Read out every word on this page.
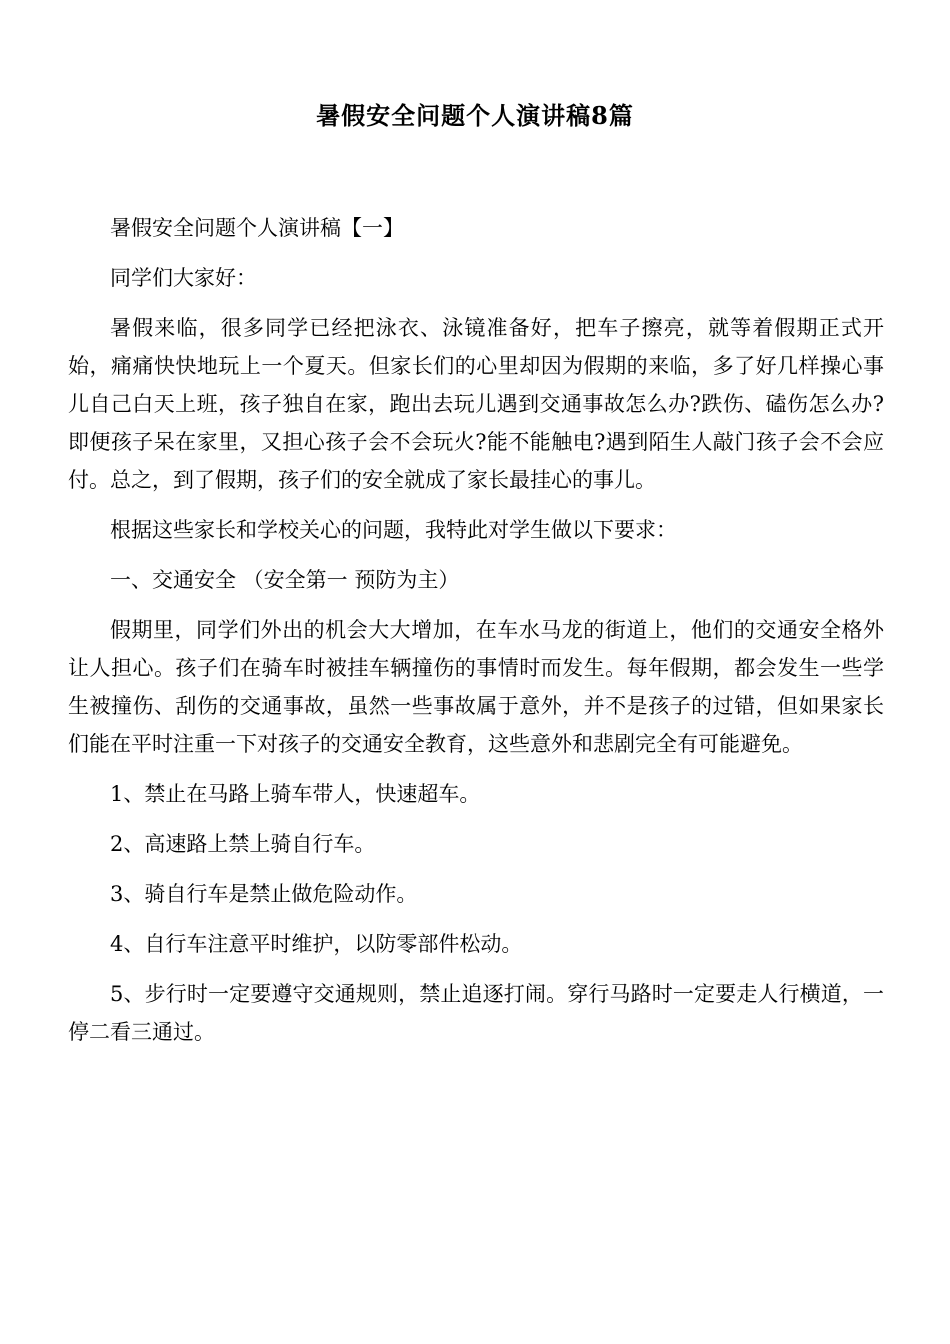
暑假安全问题个人演讲稿8篇

暑假安全问题个人演讲稿【一】

同学们大家好：

暑假来临，很多同学已经把泳衣、泳镜准备好，把车子擦亮，就等着假期正式开始，痛痛快快地玩上一个夏天。但家长们的心里却因为假期的来临，多了好几样操心事儿自己白天上班，孩子独自在家，跑出去玩儿遇到交通事故怎么办?跌伤、磕伤怎么办?即便孩子呆在家里，又担心孩子会不会玩火?能不能触电?遇到陌生人敲门孩子会不会应付。总之，到了假期，孩子们的安全就成了家长最挂心的事儿。

根据这些家长和学校关心的问题，我特此对学生做以下要求：

一、交通安全 （安全第一 预防为主）

假期里，同学们外出的机会大大增加，在车水马龙的街道上，他们的交通安全格外让人担心。孩子们在骑车时被挂车辆撞伤的事情时而发生。每年假期，都会发生一些学生被撞伤、刮伤的交通事故，虽然一些事故属于意外，并不是孩子的过错，但如果家长们能在平时注重一下对孩子的交通安全教育，这些意外和悲剧完全有可能避免。

1、禁止在马路上骑车带人，快速超车。

2、高速路上禁上骑自行车。

3、骑自行车是禁止做危险动作。

4、自行车注意平时维护，以防零部件松动。

5、步行时一定要遵守交通规则，禁止追逐打闹。穿行马路时一定要走人行横道，一停二看三通过。
